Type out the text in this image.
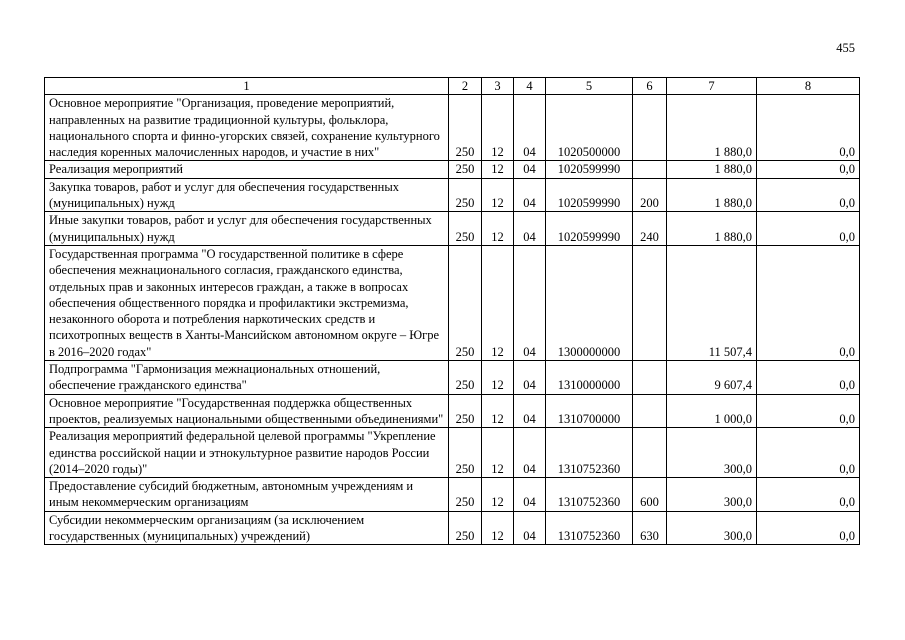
455
1	2	3	4	5	6	7	8
Основное мероприятие "Организация, проведение мероприятий, направленных на развитие традиционной культуры, фольклора, национального спорта и финно-угорских связей, сохранение культурного наследия коренных малочисленных народов, и участие в них"	250	12	04	1020500000		1 880,0	0,0
Реализация мероприятий	250	12	04	1020599990		1 880,0	0,0
Закупка товаров, работ и услуг для обеспечения государственных (муниципальных) нужд	250	12	04	1020599990	200	1 880,0	0,0
Иные закупки товаров, работ и услуг для обеспечения государственных (муниципальных) нужд	250	12	04	1020599990	240	1 880,0	0,0
Государственная программа "О государственной политике в сфере обеспечения межнационального согласия, гражданского единства, отдельных прав и законных интересов граждан, а также в вопросах обеспечения общественного порядка и профилактики экстремизма, незаконного оборота и потребления наркотических средств и психотропных веществ в Ханты-Мансийском автономном округе – Югре в 2016–2020 годах"	250	12	04	1300000000		11 507,4	0,0
Подпрограмма "Гармонизация межнациональных отношений, обеспечение гражданского единства"	250	12	04	1310000000		9 607,4	0,0
Основное мероприятие "Государственная поддержка общественных проектов, реализуемых национальными общественными объединениями"	250	12	04	1310700000		1 000,0	0,0
Реализация мероприятий федеральной целевой программы "Укрепление единства российской нации и этнокультурное развитие народов России (2014–2020 годы)"	250	12	04	1310752360		300,0	0,0
Предоставление субсидий бюджетным, автономным учреждениям и иным некоммерческим организациям	250	12	04	1310752360	600	300,0	0,0
Субсидии некоммерческим организациям (за исключением государственных (муниципальных) учреждений)	250	12	04	1310752360	630	300,0	0,0
